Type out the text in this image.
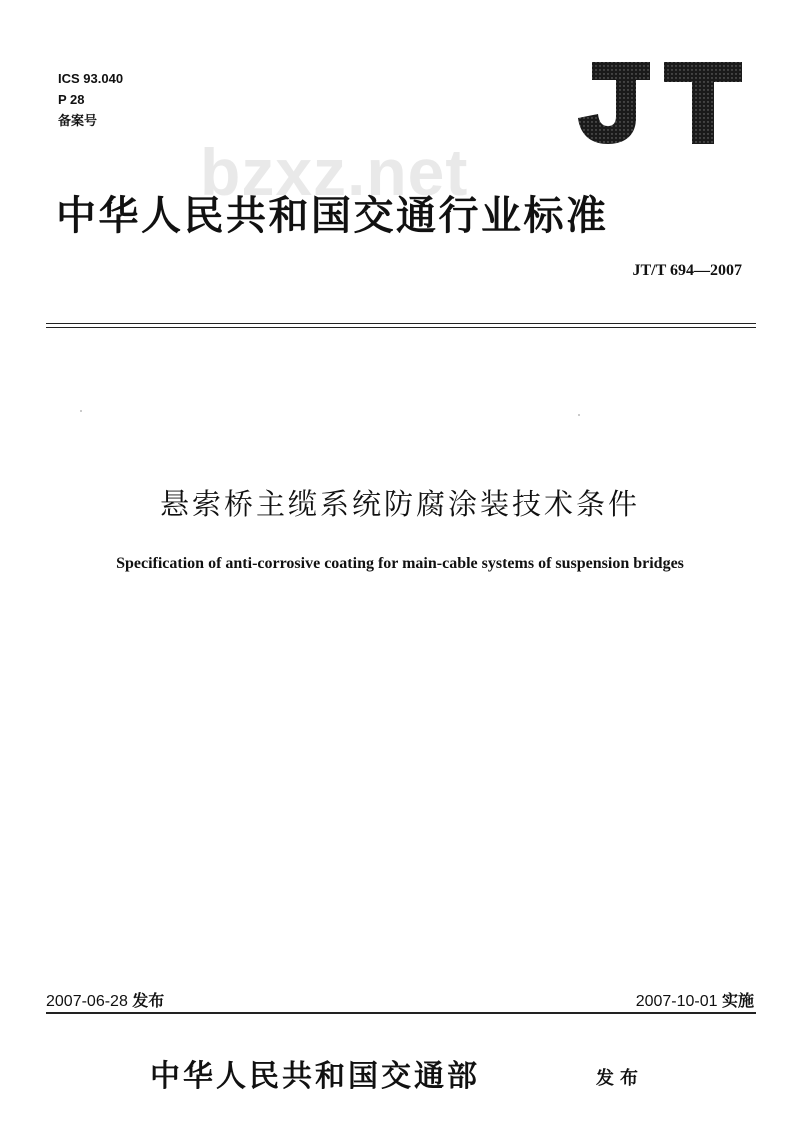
ICS 93.040
P 28
备案号
bzxz.net
中华人民共和国交通行业标准
JT/T 694—2007
悬索桥主缆系统防腐涂装技术条件
Specification of anti-corrosive coating for main-cable systems of suspension bridges
2007-06-28 发布	2007-10-01 实施
中华人民共和国交通部	发布
